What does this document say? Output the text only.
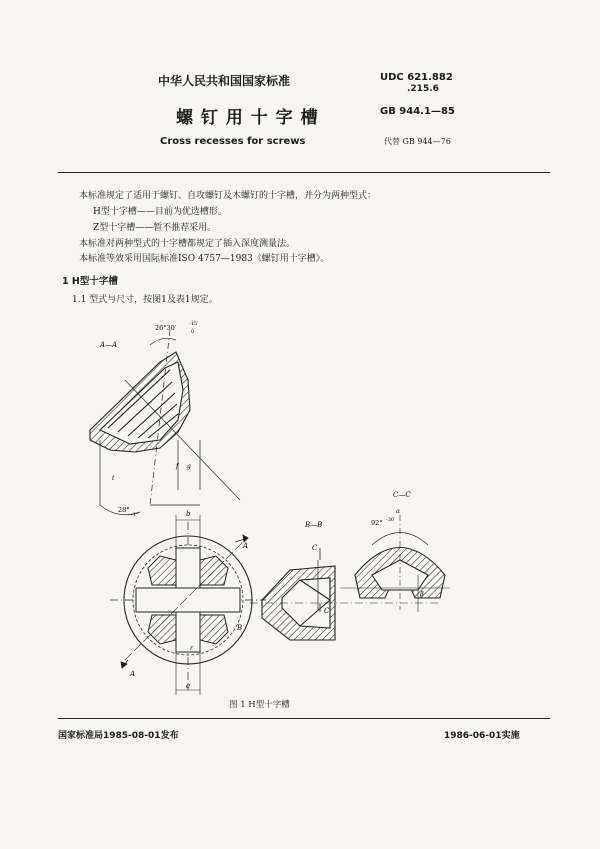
中华人民共和国国家标准
螺 钉 用 十 字 槽
Cross recesses for screws
UDC 621.882
.215.6
GB 944.1—85
代替 GB 944—76
本标准规定了适用于螺钉、自攻螺钉及木螺钉的十字槽，并分为两种型式：
H型十字槽——目前为优选槽形。
Z型十字槽——暂不推荐采用。
本标准对两种型式的十字槽都规定了插入深度测量法。
本标准等效采用国际标准ISO 4757—1983《螺钉用十字槽》。
1 H型十字槽
1.1 型式与尺寸，按图1及表1规定。
A—A
B—B
C—C
26°30′	-15′
0
28°
-1°
92° -30′
b
e
g
f
t
r
a
β
A
A
C
C
B
图 1 H型十字槽
国家标准局1985-08-01发布	1986-06-01实施
